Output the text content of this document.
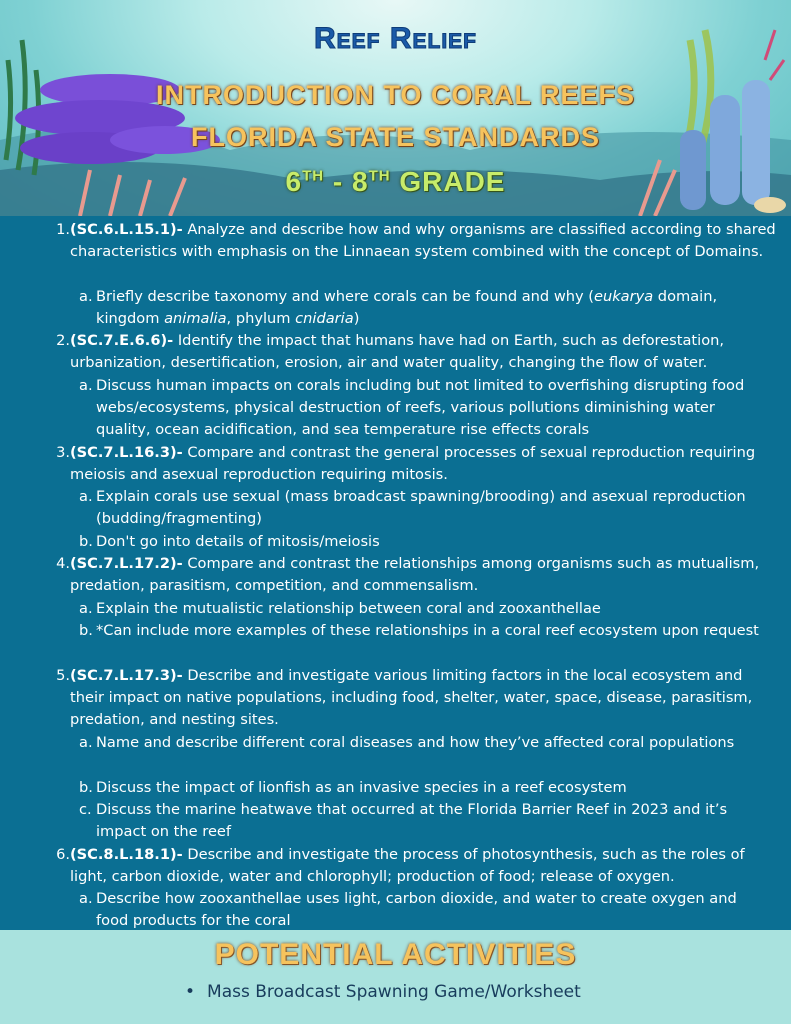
Reef Relief
INTRODUCTION TO CORAL REEFS
FLORIDA STATE STANDARDS
6TH - 8TH GRADE
1. (SC.6.L.15.1)- Analyze and describe how and why organisms are classified according to shared characteristics with emphasis on the Linnaean system combined with the concept of Domains.
a. Briefly describe taxonomy and where corals can be found and why (eukarya domain, kingdom animalia, phylum cnidaria)
2. (SC.7.E.6.6)- Identify the impact that humans have had on Earth, such as deforestation, urbanization, desertification, erosion, air and water quality, changing the flow of water.
a. Discuss human impacts on corals including but not limited to overfishing disrupting food webs/ecosystems, physical destruction of reefs, various pollutions diminishing water quality, ocean acidification, and sea temperature rise effects corals
3. (SC.7.L.16.3)- Compare and contrast the general processes of sexual reproduction requiring meiosis and asexual reproduction requiring mitosis.
a. Explain corals use sexual (mass broadcast spawning/brooding) and asexual reproduction (budding/fragmenting)
b. Don't go into details of mitosis/meiosis
4. (SC.7.L.17.2)- Compare and contrast the relationships among organisms such as mutualism, predation, parasitism, competition, and commensalism.
a. Explain the mutualistic relationship between coral and zooxanthellae
b. *Can include more examples of these relationships in a coral reef ecosystem upon request
5. (SC.7.L.17.3)- Describe and investigate various limiting factors in the local ecosystem and their impact on native populations, including food, shelter, water, space, disease, parasitism, predation, and nesting sites.
a. Name and describe different coral diseases and how they’ve affected coral populations
b. Discuss the impact of lionfish as an invasive species in a reef ecosystem
c. Discuss the marine heatwave that occurred at the Florida Barrier Reef in 2023 and it’s impact on the reef
6. (SC.8.L.18.1)- Describe and investigate the process of photosynthesis, such as the roles of light, carbon dioxide, water and chlorophyll; production of food; release of oxygen.
a. Describe how zooxanthellae uses light, carbon dioxide, and water to create oxygen and food products for the coral
POTENTIAL ACTIVITIES
• Mass Broadcast Spawning Game/Worksheet
